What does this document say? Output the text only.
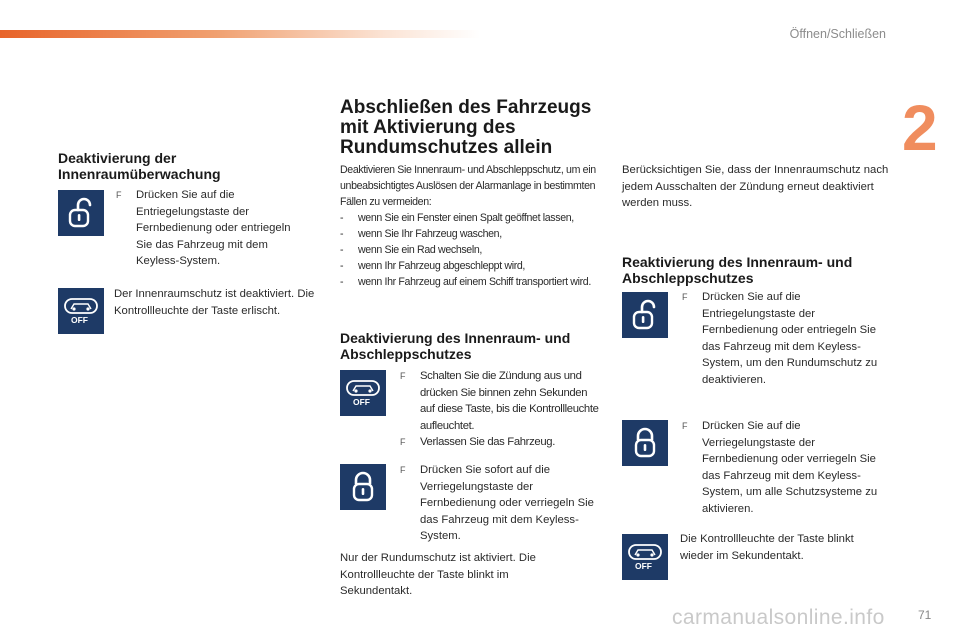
Öffnen/Schließen
2
Deaktivierung der Innenraumüberwachung
F Drücken Sie auf die Entriegelungstaste der Fernbedienung oder entriegeln Sie das Fahrzeug mit dem Keyless-System.
OFF

Der Innenraumschutz ist deaktiviert. Die Kontrollleuchte der Taste erlischt.

Abschließen des Fahrzeugs mit Aktivierung des Rundumschutzes allein

Deaktivieren Sie Innenraum- und Abschleppschutz, um ein unbeabsichtigtes Auslösen der Alarmanlage in bestimmten Fällen zu vermeiden:

- wenn Sie ein Fenster einen Spalt geöffnet lassen,
- wenn Sie Ihr Fahrzeug waschen,
- wenn Sie ein Rad wechseln,
- wenn Ihr Fahrzeug abgeschleppt wird,
- wenn Ihr Fahrzeug auf einem Schiff transportiert wird.
Deaktivierung des Innenraum- und Abschleppschutzes
OFF
F Schalten Sie die Zündung aus und drücken Sie binnen zehn Sekunden auf diese Taste, bis die Kontrollleuchte aufleuchtet.
F Verlassen Sie das Fahrzeug.
F Drücken Sie sofort auf die Verriegelungstaste der Fernbedienung oder verriegeln Sie das Fahrzeug mit dem Keyless-System.

Nur der Rundumschutz ist aktiviert. Die Kontrollleuchte der Taste blinkt im Sekundentakt.

Berücksichtigen Sie, dass der Innenraumschutz nach jedem Ausschalten der Zündung erneut deaktiviert werden muss.

Reaktivierung des Innenraum- und Abschleppschutzes
F Drücken Sie auf die Entriegelungstaste der Fernbedienung oder entriegeln Sie das Fahrzeug mit dem Keyless-System, um den Rundumschutz zu deaktivieren.
F Drücken Sie auf die Verriegelungstaste der Fernbedienung oder verriegeln Sie das Fahrzeug mit dem Keyless-System, um alle Schutzsysteme zu aktivieren.
OFF

Die Kontrollleuchte der Taste blinkt wieder im Sekundentakt.

carmanualsonline.info	71
